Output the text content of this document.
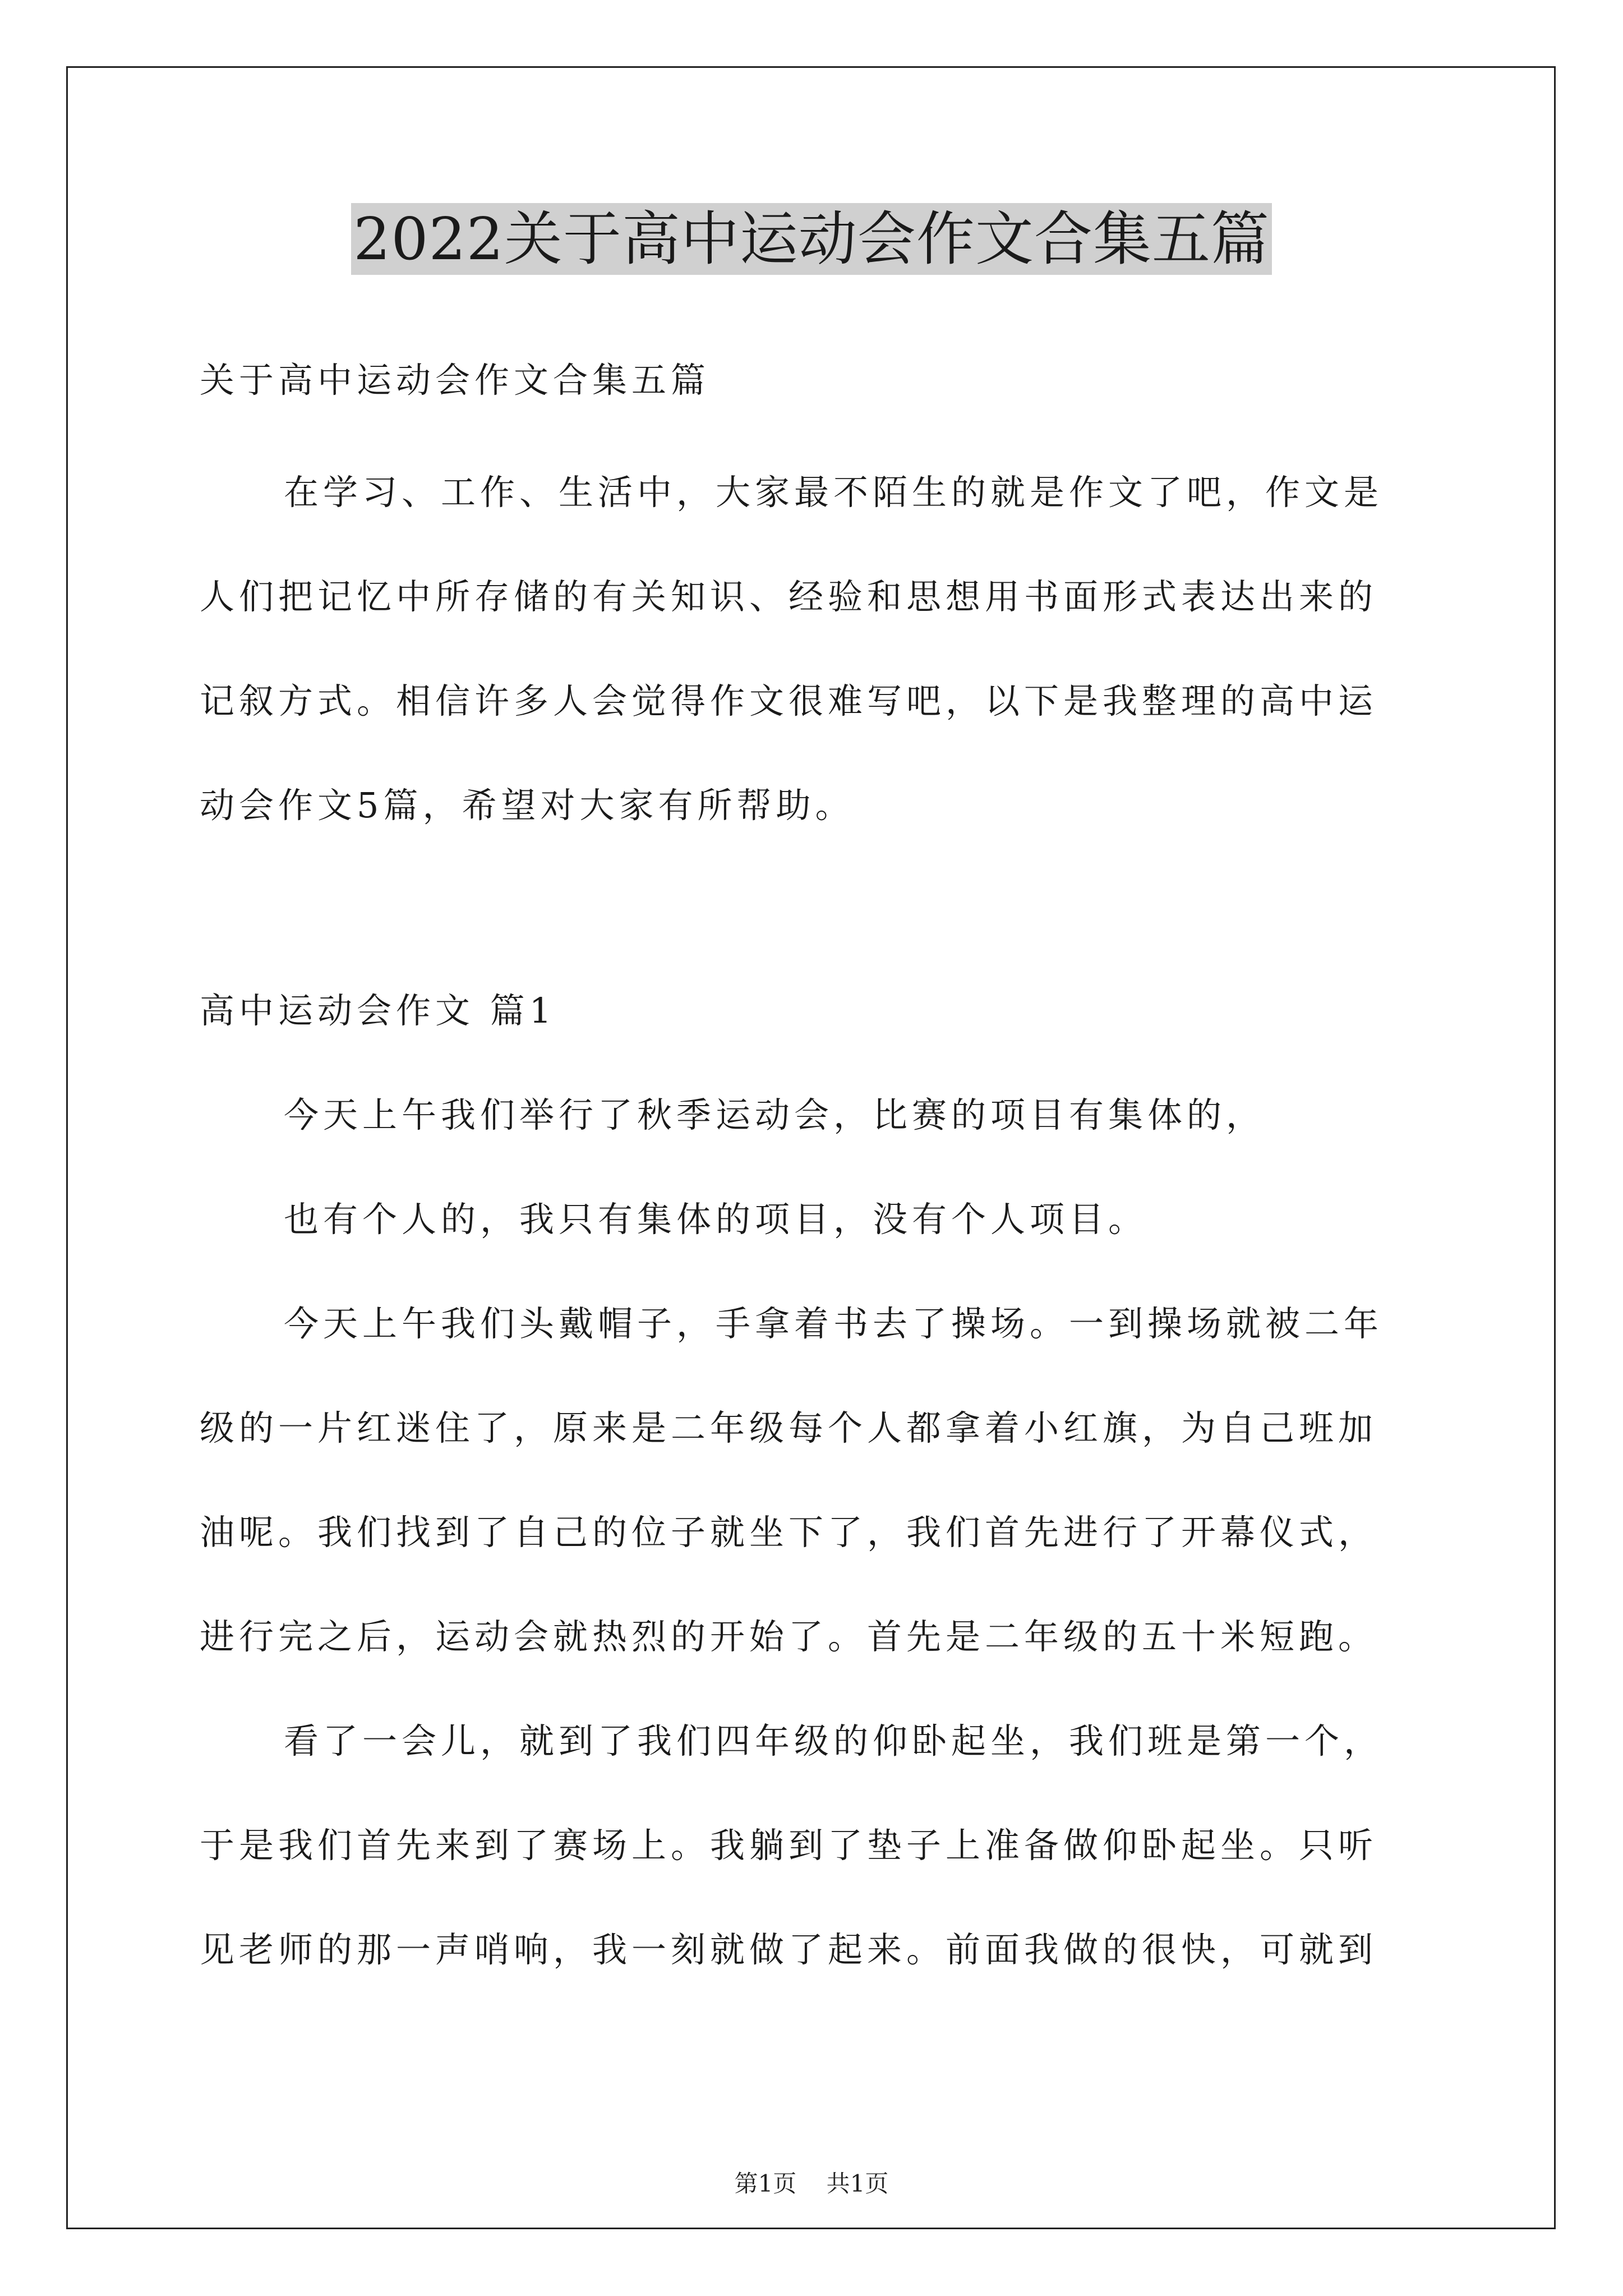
2022关于高中运动会作文合集五篇
关于高中运动会作文合集五篇
在学习、工作、生活中，大家最不陌生的就是作文了吧，作文是
人们把记忆中所存储的有关知识、经验和思想用书面形式表达出来的
记叙方式。相信许多人会觉得作文很难写吧，以下是我整理的高中运
动会作文5篇，希望对大家有所帮助。
高中运动会作文 篇1
今天上午我们举行了秋季运动会，比赛的项目有集体的，
也有个人的，我只有集体的项目，没有个人项目。
今天上午我们头戴帽子，手拿着书去了操场。一到操场就被二年
级的一片红迷住了，原来是二年级每个人都拿着小红旗，为自己班加
油呢。我们找到了自己的位子就坐下了，我们首先进行了开幕仪式，
进行完之后，运动会就热烈的开始了。首先是二年级的五十米短跑。
看了一会儿，就到了我们四年级的仰卧起坐，我们班是第一个，
于是我们首先来到了赛场上。我躺到了垫子上准备做仰卧起坐。只听
见老师的那一声哨响，我一刻就做了起来。前面我做的很快，可就到
第1页 共1页
